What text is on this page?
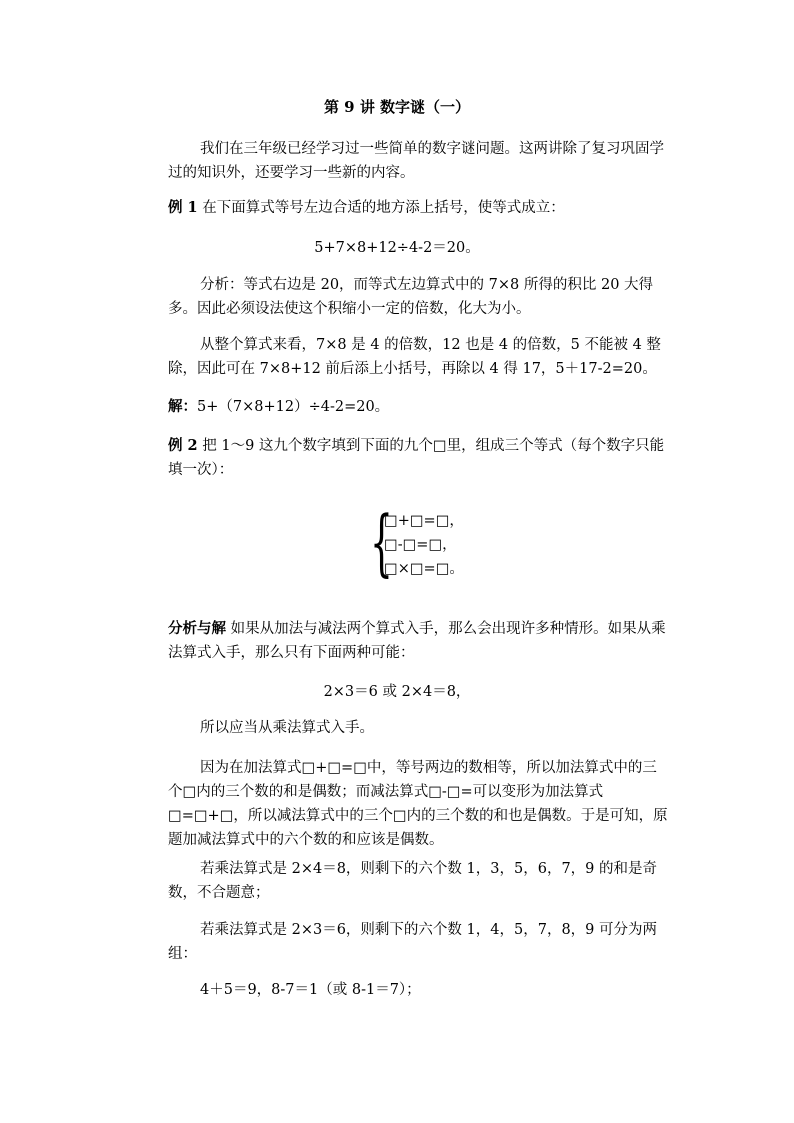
第 9 讲 数字谜（一）

我们在三年级已经学习过一些简单的数字谜问题。这两讲除了复习巩固学过的知识外，还要学习一些新的内容。

例 1 在下面算式等号左边合适的地方添上括号，使等式成立：

5+7×8+12÷4-2＝20。

分析：等式右边是 20，而等式左边算式中的 7×8 所得的积比 20 大得多。因此必须设法使这个积缩小一定的倍数，化大为小。

从整个算式来看，7×8 是 4 的倍数，12 也是 4 的倍数，5 不能被 4 整除，因此可在 7×8+12 前后添上小括号，再除以 4 得 17，5＋17-2=20。

解：5+（7×8+12）÷4-2=20。

例 2 把 1～9 这九个数字填到下面的九个□里，组成三个等式（每个数字只能填一次）：

{
□+□=□，
□-□=□，
□×□=□。

分析与解 如果从加法与减法两个算式入手，那么会出现许多种情形。如果从乘法算式入手，那么只有下面两种可能：

2×3＝6 或 2×4＝8，

所以应当从乘法算式入手。

因为在加法算式□+□=□中，等号两边的数相等，所以加法算式中的三个□内的三个数的和是偶数；而减法算式□-□=可以变形为加法算式□=□+□，所以减法算式中的三个□内的三个数的和也是偶数。于是可知，原题加减法算式中的六个数的和应该是偶数。

若乘法算式是 2×4＝8，则剩下的六个数 1，3，5，6，7，9 的和是奇数，不合题意；

若乘法算式是 2×3＝6，则剩下的六个数 1，4，5，7，8，9 可分为两组：

4＋5＝9，8-7＝1（或 8-1＝7）；
